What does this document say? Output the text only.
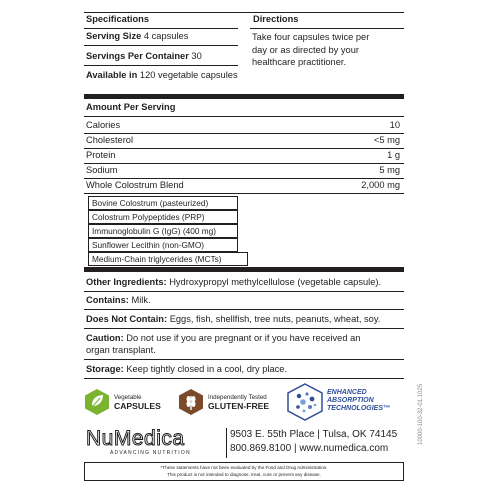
Specifications	Directions
Serving Size 4 capsules
Servings Per Container 30
Available in 120 vegetable capsules
Take four capsules twice per
day or as directed by your
healthcare practitioner.
Amount Per Serving
Calories	10
Cholesterol	<5 mg
Protein	1 g
Sodium	5 mg
Whole Colostrum Blend	2,000 mg
Bovine Colostrum (pasteurized)
Colostrum Polypeptides (PRP)
Immunoglobulin G (IgG) (400 mg)
Sunflower Lecithin (non-GMO)
Medium-Chain triglycerides (MCTs)
Other Ingredients: Hydroxypropyl methylcellulose (vegetable capsule).
Contains: Milk.
Does Not Contain: Eggs, fish, shellfish, tree nuts, peanuts, wheat, soy.
Caution: Do not use if you are pregnant or if you have received an
organ transplant.
Storage: Keep tightly closed in a cool, dry place.
Vegetable
CAPSULES
Independently Tested
GLUTEN-FREE
ENHANCED
ABSORPTION
TECHNOLOGIES™
NuMedica
ADVANCING NUTRITION
9503 E. 55th Place | Tulsa, OK 74145
800.869.8100 | www.numedica.com
*These statements have not been evaluated by the Food and Drug Administration.
This product is not intended to diagnose, treat, cure or prevent any disease.
10000-100-32-01.1025
